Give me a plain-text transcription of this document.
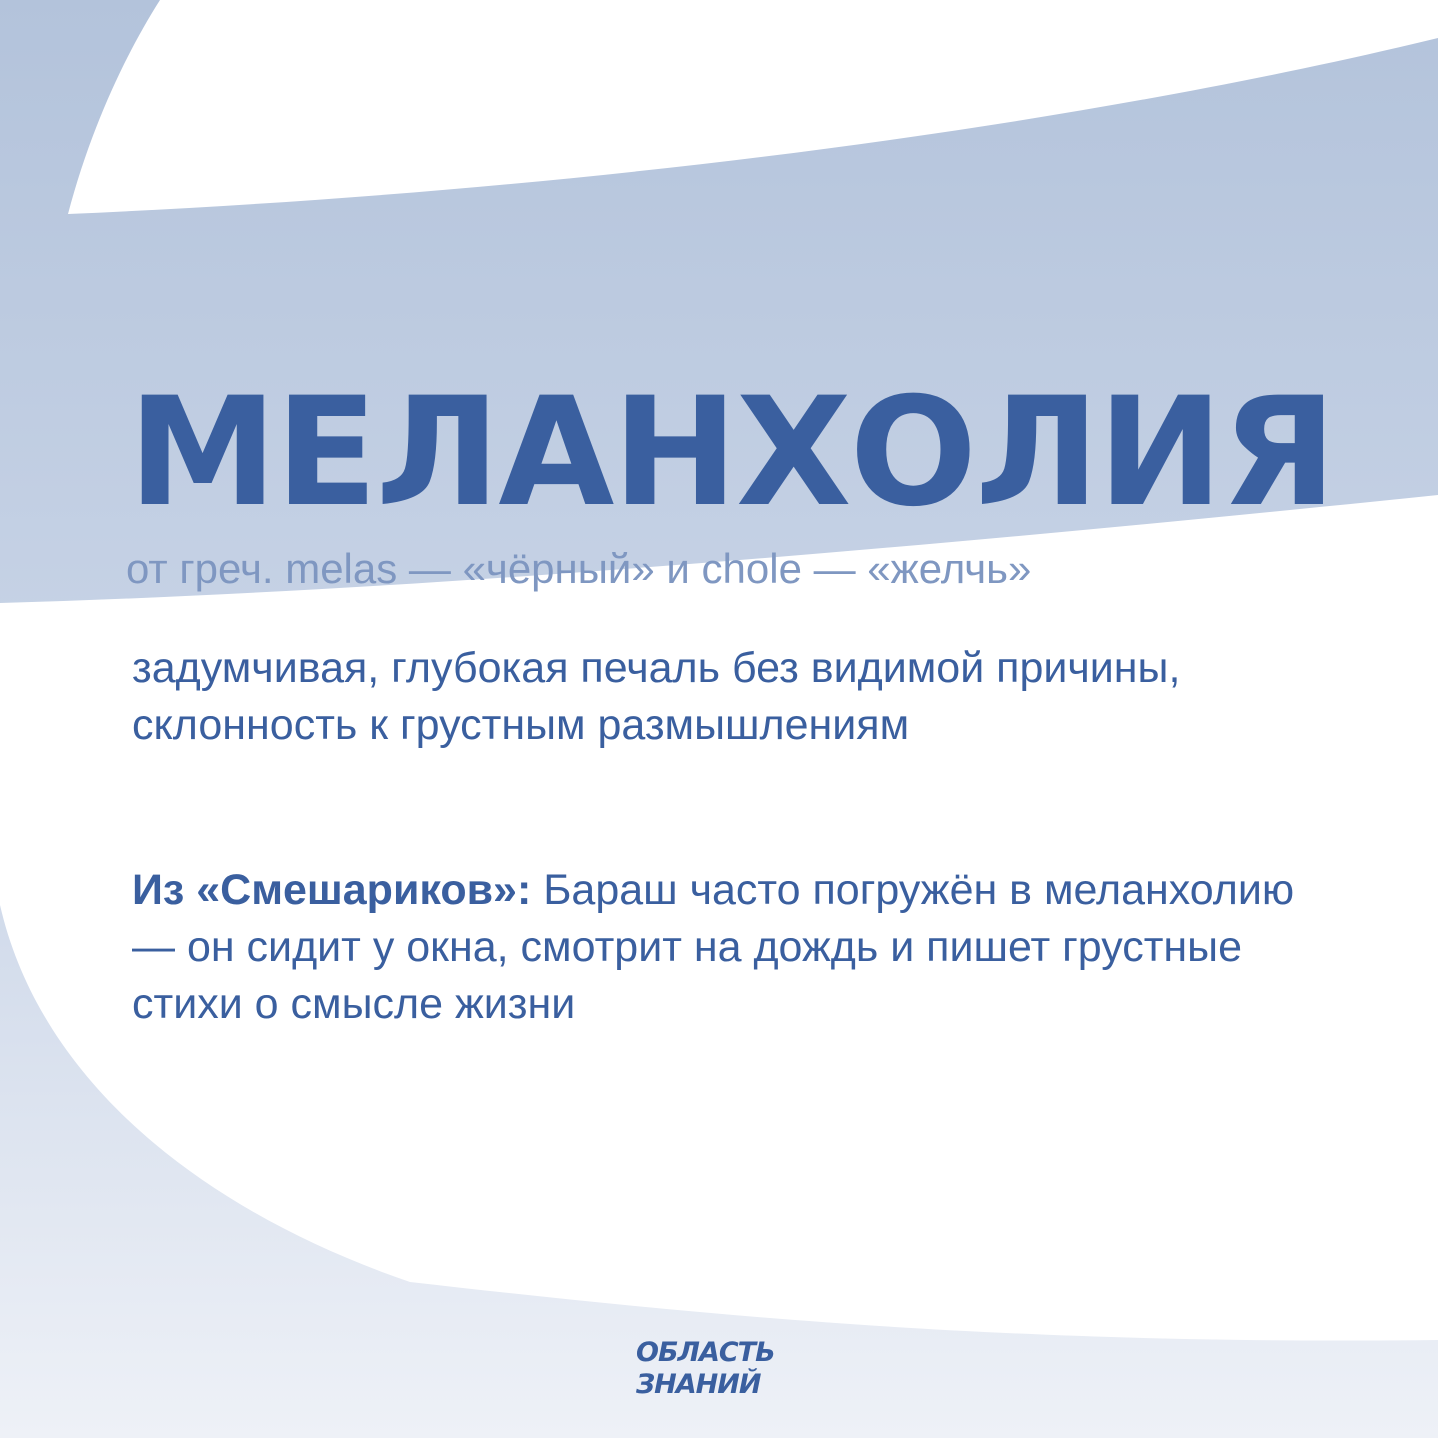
МЕЛАНХОЛИЯ

от греч. melas — «чёрный» и chole — «желчь»

задумчивая, глубокая печаль без видимой причины, склонность к грустным размышлениям

Из «Смешариков»: Бараш часто погружён в меланхолию — он сидит у окна, смотрит на дождь и пишет грустные стихи о смысле жизни

ОБЛАСТЬ
ЗНАНИЙ
